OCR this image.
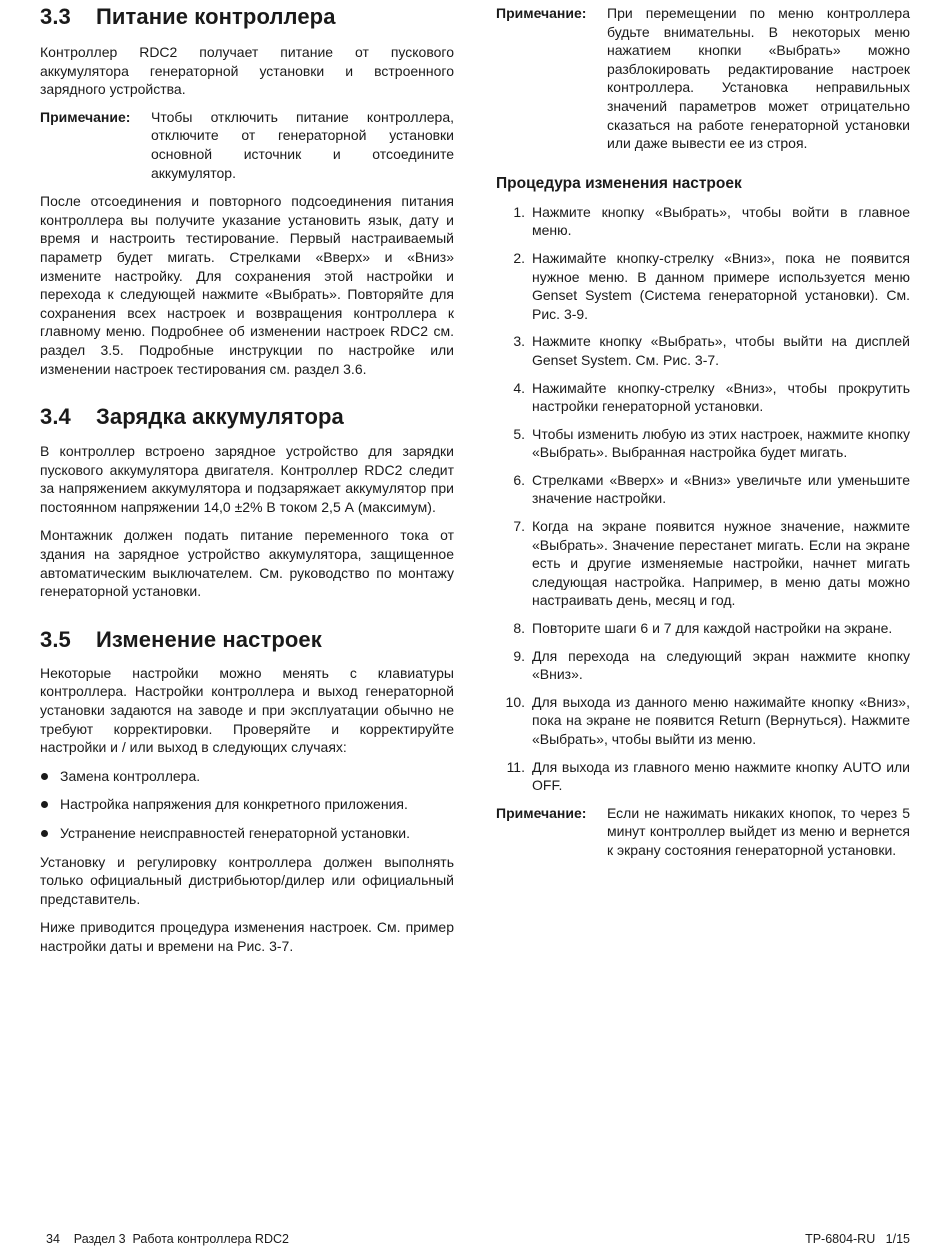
3.3	Питание контроллера

Контроллер RDC2 получает питание от пускового аккумулятора генераторной установки и встроенного зарядного устройства.

Примечание:	Чтобы отключить питание контроллера, отключите от генераторной установки основной источник и отсоедините аккумулятор.

После отсоединения и повторного подсоединения питания контроллера вы получите указание установить язык, дату и время и настроить тестирование. Первый настраиваемый параметр будет мигать. Стрелками «Вверх» и «Вниз» измените настройку. Для сохранения этой настройки и перехода к следующей нажмите «Выбрать». Повторяйте для сохранения всех настроек и возвращения контроллера к главному меню. Подробнее об изменении настроек RDC2 см. раздел 3.5. Подробные инструкции по настройке или изменении настроек тестирования см. раздел 3.6.

3.4	Зарядка аккумулятора

В контроллер встроено зарядное устройство для зарядки пускового аккумулятора двигателя. Контроллер RDC2 следит за напряжением аккумулятора и подзаряжает аккумулятор при постоянном напряжении 14,0 ±2% В током 2,5 А (максимум).

Монтажник должен подать питание переменного тока от здания на зарядное устройство аккумулятора, защищенное автоматическим выключателем. См. руководство по монтажу генераторной установки.

3.5	Изменение настроек

Некоторые настройки можно менять с клавиатуры контроллера. Настройки контроллера и выход генераторной установки задаются на заводе и при эксплуатации обычно не требуют корректировки. Проверяйте и корректируйте настройки и / или выход в следующих случаях:

Замена контроллера.
Настройка напряжения для конкретного приложения.
Устранение неисправностей генераторной установки.

Установку и регулировку контроллера должен выполнять только официальный дистрибьютор/дилер или официальный представитель.

Ниже приводится процедура изменения настроек. См. пример настройки даты и времени на Рис. 3-7.

Примечание:	При перемещении по меню контроллера будьте внимательны. В некоторых меню нажатием кнопки «Выбрать» можно разблокировать редактирование настроек контроллера. Установка неправильных значений параметров может отрицательно сказаться на работе генераторной установки или даже вывести ее из строя.
Процедура изменения настроек
1. Нажмите кнопку «Выбрать», чтобы войти в главное меню.
2. Нажимайте кнопку-стрелку «Вниз», пока не появится нужное меню. В данном примере используется меню Genset System (Система генераторной установки). См. Рис. 3-9.
3. Нажмите кнопку «Выбрать», чтобы выйти на дисплей Genset System. См. Рис. 3-7.
4. Нажимайте кнопку-стрелку «Вниз», чтобы прокрутить настройки генераторной установки.
5. Чтобы изменить любую из этих настроек, нажмите кнопку «Выбрать». Выбранная настройка будет мигать.
6. Стрелками «Вверх» и «Вниз» увеличьте или уменьшите значение настройки.
7. Когда на экране появится нужное значение, нажмите «Выбрать». Значение перестанет мигать. Если на экране есть и другие изменяемые настройки, начнет мигать следующая настройка. Например, в меню даты можно настраивать день, месяц и год.
8. Повторите шаги 6 и 7 для каждой настройки на экране.
9. Для перехода на следующий экран нажмите кнопку «Вниз».
10. Для выхода из данного меню нажимайте кнопку «Вниз», пока на экране не появится Return (Вернуться). Нажмите «Выбрать», чтобы выйти из меню.
11. Для выхода из главного меню нажмите кнопку AUTO или OFF.
Примечание:	Если не нажимать никаких кнопок, то через 5 минут контроллер выйдет из меню и вернется к экрану состояния генераторной установки.
34    Раздел 3  Работа контроллера RDC2	TP-6804-RU   1/15
